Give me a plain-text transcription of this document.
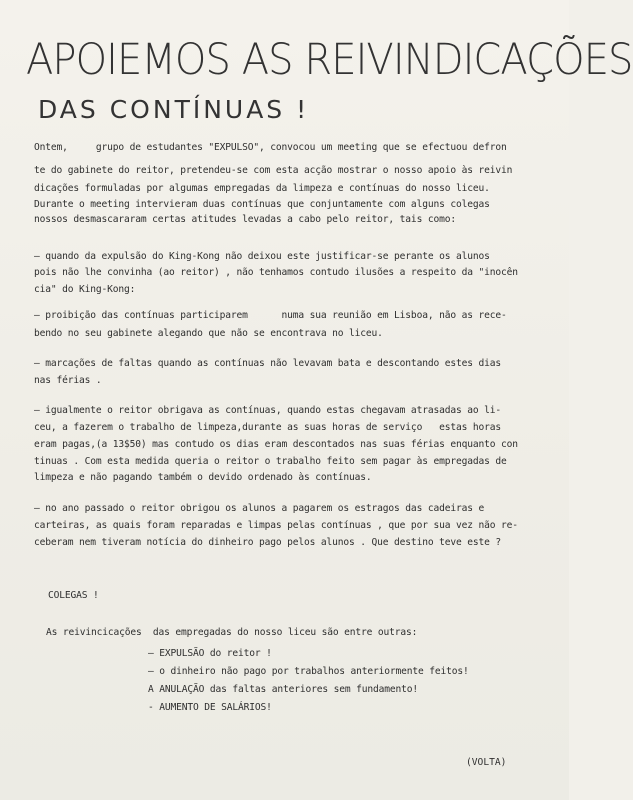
APOIEMOS AS REIVINDICAÇÕES
DAS CONTÍNUAS !
Ontem,     grupo de estudantes "EXPULSO", convocou um meeting que se efectuou defron
te do gabinete do reitor, pretendeu-se com esta acção mostrar o nosso apoio às reivin
dicações formuladas por algumas empregadas da limpeza e contínuas do nosso liceu.
Durante o meeting intervieram duas contínuas que conjuntamente com alguns colegas
nossos desmascararam certas atitudes levadas a cabo pelo reitor, tais como:
— quando da expulsão do King-Kong não deixou este justificar-se perante os alunos
pois não lhe convinha (ao reitor) , não tenhamos contudo ilusões a respeito da "inocên
cia" do King-Kong:
— proibição das contínuas participarem      numa sua reunião em Lisboa, não as rece-
bendo no seu gabinete alegando que não se encontrava no liceu.
— marcações de faltas quando as contínuas não levavam bata e descontando estes dias
nas férias .
— igualmente o reitor obrigava as contínuas, quando estas chegavam atrasadas ao li-
ceu, a fazerem o trabalho de limpeza,durante as suas horas de serviço   estas horas
eram pagas,(a 13$50) mas contudo os dias eram descontados nas suas férias enquanto con
tinuas . Com esta medida queria o reitor o trabalho feito sem pagar às empregadas de
limpeza e não pagando também o devido ordenado às contínuas.
— no ano passado o reitor obrigou os alunos a pagarem os estragos das cadeiras e
carteiras, as quais foram reparadas e limpas pelas contínuas , que por sua vez não re-
ceberam nem tiveram notícia do dinheiro pago pelos alunos . Que destino teve este ?
COLEGAS !
As reivincicações  das empregadas do nosso liceu são entre outras:
— EXPULSÃO do reitor !
— o dinheiro não pago por trabalhos anteriormente feitos!
A ANULAÇÃO das faltas anteriores sem fundamento!
- AUMENTO DE SALÁRIOS!
(VOLTA)
